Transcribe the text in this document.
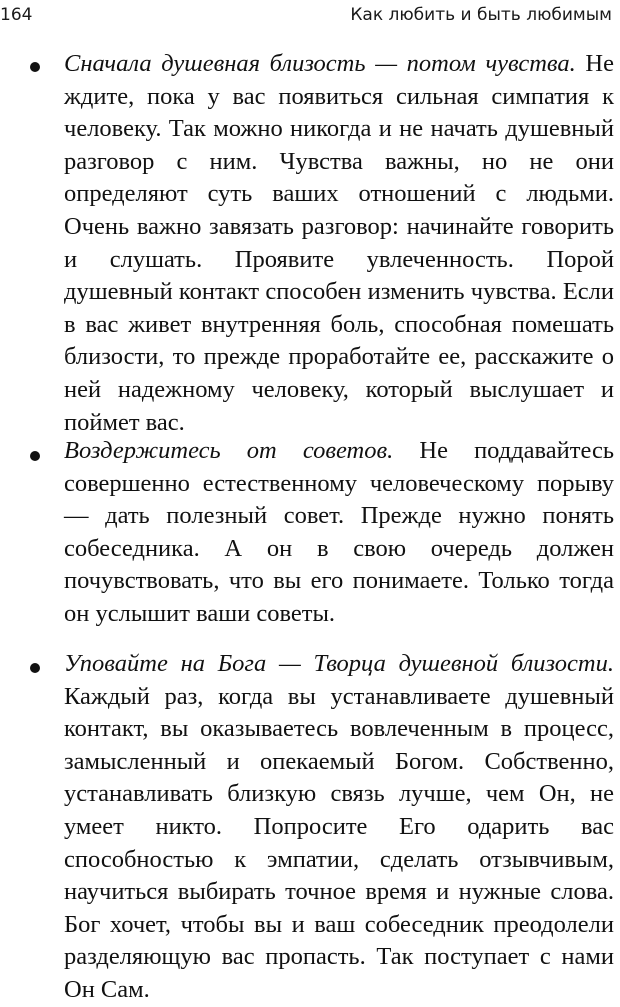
164	Как любить и быть любимым
Сначала душевная близость — потом чувства. Не ждите, пока у вас появиться сильная симпатия к человеку. Так можно никогда и не начать душевный разговор с ним. Чувства важны, но не они определяют суть ваших отношений с людьми. Очень важно завязать разговор: начинайте говорить и слушать. Проявите увлеченность. Порой душевный контакт способен изменить чувства. Если в вас живет внутренняя боль, способная помешать близости, то прежде проработайте ее, расскажите о ней надежному человеку, который выслушает и поймет вас.
Воздержитесь от советов. Не поддавайтесь совершенно естественному человеческому порыву — дать полезный совет. Прежде нужно понять собеседника. А он в свою очередь должен почувствовать, что вы его понимаете. Только тогда он услышит ваши советы.
Уповайте на Бога — Творца душевной близости. Каждый раз, когда вы устанавливаете душевный контакт, вы оказываетесь вовлеченным в процесс, замысленный и опекаемый Богом. Собственно, устанавливать близкую связь лучше, чем Он, не умеет никто. Попросите Его одарить вас способностью к эмпатии, сделать отзывчивым, научиться выбирать точное время и нужные слова. Бог хочет, чтобы вы и ваш собеседник преодолели разделяющую вас пропасть. Так поступает с нами Он Сам.
